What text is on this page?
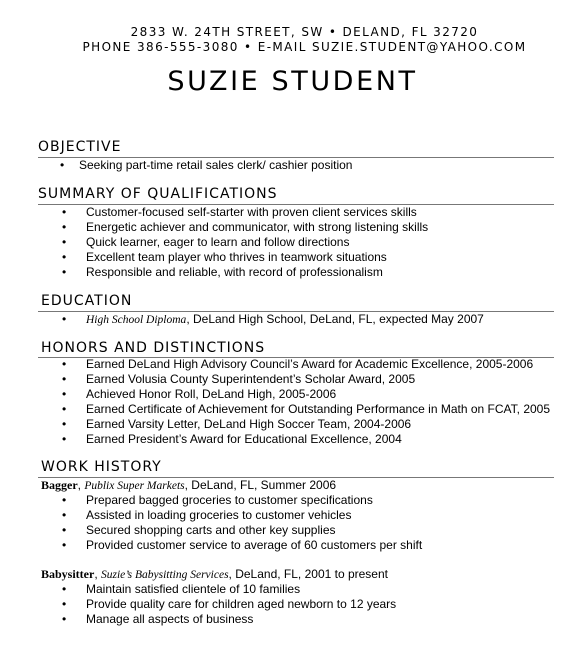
2833 W. 24TH STREET, SW • DELAND, FL 32720
PHONE 386-555-3080 • E-MAIL SUZIE.STUDENT@YAHOO.COM
SUZIE STUDENT
OBJECTIVE
• Seeking part-time retail sales clerk/ cashier position
SUMMARY OF QUALIFICATIONS
• Customer-focused self-starter with proven client services skills
• Energetic achiever and communicator, with strong listening skills
• Quick learner, eager to learn and follow directions
• Excellent team player who thrives in teamwork situations
• Responsible and reliable, with record of professionalism
EDUCATION
• High School Diploma, DeLand High School, DeLand, FL, expected May 2007
HONORS AND DISTINCTIONS
• Earned DeLand High Advisory Council’s Award for Academic Excellence, 2005-2006
• Earned Volusia County Superintendent’s Scholar Award, 2005
• Achieved Honor Roll, DeLand High, 2005-2006
• Earned Certificate of Achievement for Outstanding Performance in Math on FCAT, 2005
• Earned Varsity Letter, DeLand High Soccer Team, 2004-2006
• Earned President’s Award for Educational Excellence, 2004
WORK HISTORY
Bagger, Publix Super Markets, DeLand, FL, Summer 2006
• Prepared bagged groceries to customer specifications
• Assisted in loading groceries to customer vehicles
• Secured shopping carts and other key supplies
• Provided customer service to average of 60 customers per shift
Babysitter, Suzie’s Babysitting Services, DeLand, FL, 2001 to present
• Maintain satisfied clientele of 10 families
• Provide quality care for children aged newborn to 12 years
• Manage all aspects of business
